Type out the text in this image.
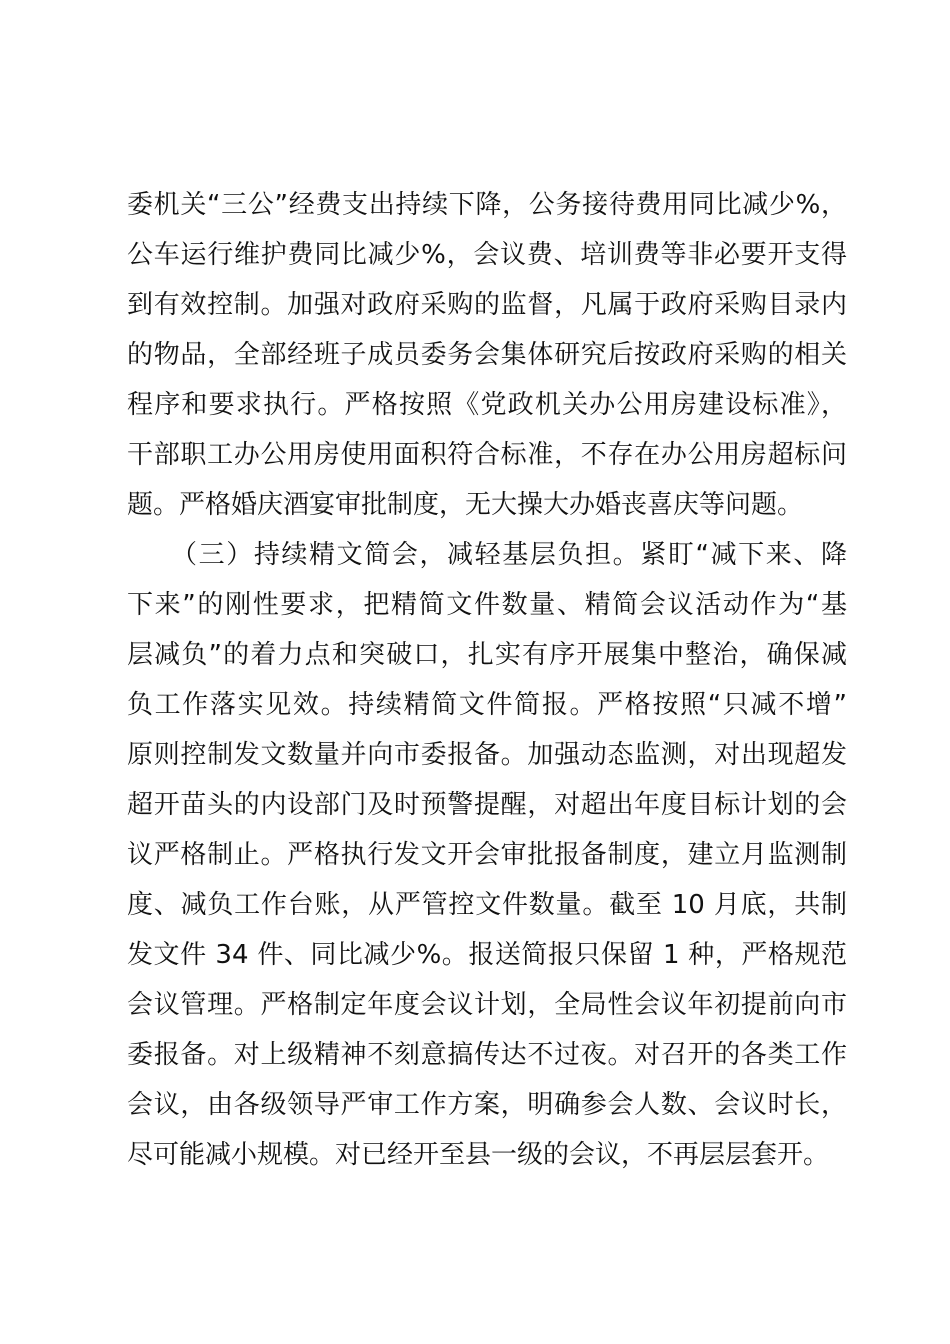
委机关“三公”经费支出持续下降，公务接待费用同比减少%，
公车运行维护费同比减少%，会议费、培训费等非必要开支得
到有效控制。加强对政府采购的监督，凡属于政府采购目录内
的物品，全部经班子成员委务会集体研究后按政府采购的相关
程序和要求执行。严格按照《党政机关办公用房建设标准》，
干部职工办公用房使用面积符合标准，不存在办公用房超标问
题。严格婚庆酒宴审批制度，无大操大办婚丧喜庆等问题。
（三）持续精文简会，减轻基层负担。紧盯“减下来、降
下来”的刚性要求，把精简文件数量、精简会议活动作为“基
层减负”的着力点和突破口，扎实有序开展集中整治，确保减
负工作落实见效。持续精简文件简报。严格按照“只减不增”
原则控制发文数量并向市委报备。加强动态监测，对出现超发
超开苗头的内设部门及时预警提醒，对超出年度目标计划的会
议严格制止。严格执行发文开会审批报备制度，建立月监测制
度、减负工作台账，从严管控文件数量。截至 10 月底，共制
发文件 34 件、同比减少%。报送简报只保留 1 种，严格规范
会议管理。严格制定年度会议计划，全局性会议年初提前向市
委报备。对上级精神不刻意搞传达不过夜。对召开的各类工作
会议，由各级领导严审工作方案，明确参会人数、会议时长，
尽可能减小规模。对已经开至县一级的会议，不再层层套开。
